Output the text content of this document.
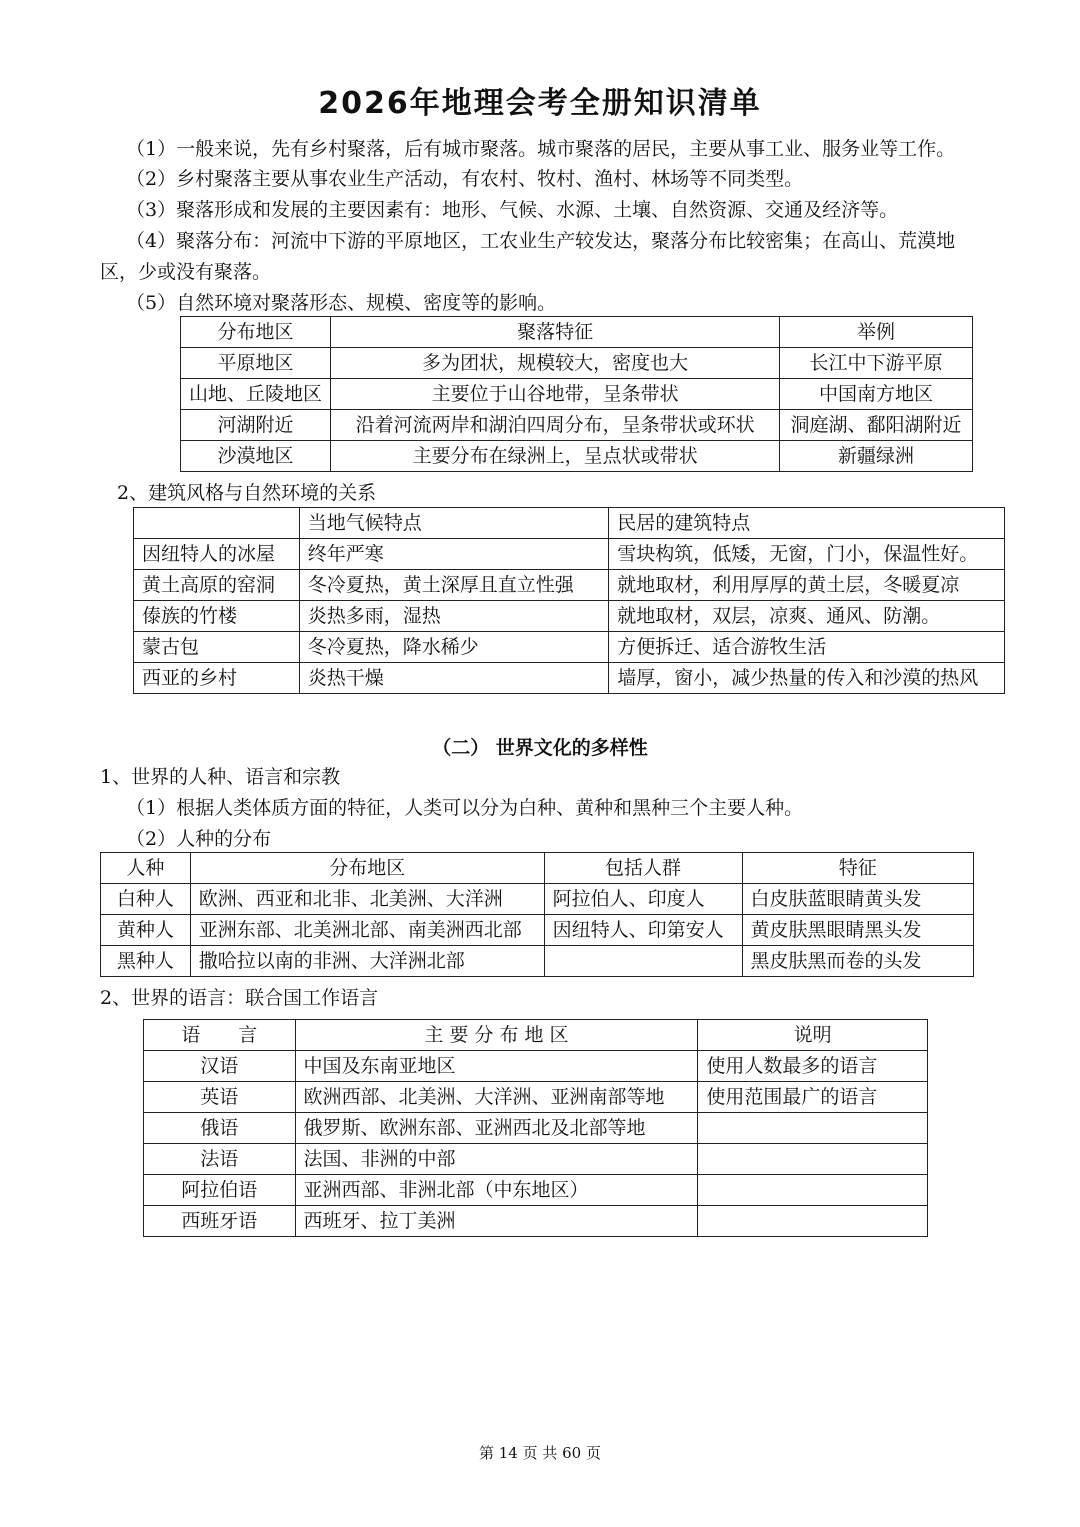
2026年地理会考全册知识清单
（1）一般来说，先有乡村聚落，后有城市聚落。城市聚落的居民，主要从事工业、服务业等工作。
（2）乡村聚落主要从事农业生产活动，有农村、牧村、渔村、林场等不同类型。
（3）聚落形成和发展的主要因素有：地形、气候、水源、土壤、自然资源、交通及经济等。
（4）聚落分布：河流中下游的平原地区，工农业生产较发达，聚落分布比较密集；在高山、荒漠地
区，少或没有聚落。
（5）自然环境对聚落形态、规模、密度等的影响。
分布地区	聚落特征	举例
平原地区	多为团状，规模较大，密度也大	长江中下游平原
山地、丘陵地区	主要位于山谷地带，呈条带状	中国南方地区
河湖附近	沿着河流两岸和湖泊四周分布，呈条带状或环状	洞庭湖、鄱阳湖附近
沙漠地区	主要分布在绿洲上，呈点状或带状	新疆绿洲
2、建筑风格与自然环境的关系
	当地气候特点	民居的建筑特点
因纽特人的冰屋	终年严寒	雪块构筑，低矮，无窗，门小，保温性好。
黄土高原的窑洞	冬冷夏热，黄土深厚且直立性强	就地取材，利用厚厚的黄土层，冬暖夏凉
傣族的竹楼	炎热多雨，湿热	就地取材，双层，凉爽、通风、防潮。
蒙古包	冬冷夏热，降水稀少	方便拆迁、适合游牧生活
西亚的乡村	炎热干燥	墙厚，窗小，减少热量的传入和沙漠的热风
（二） 世界文化的多样性
1、世界的人种、语言和宗教
（1）根据人类体质方面的特征，人类可以分为白种、黄种和黑种三个主要人种。
（2）人种的分布
人种	分布地区	包括人群	特征
白种人	欧洲、西亚和北非、北美洲、大洋洲	阿拉伯人、印度人	白皮肤蓝眼睛黄头发
黄种人	亚洲东部、北美洲北部、南美洲西北部	因纽特人、印第安人	黄皮肤黑眼睛黑头发
黑种人	撒哈拉以南的非洲、大洋洲北部		黑皮肤黑而卷的头发
2、世界的语言：联合国工作语言
语　　言	主 要 分 布 地 区	说明
汉语	中国及东南亚地区	使用人数最多的语言
英语	欧洲西部、北美洲、大洋洲、亚洲南部等地	使用范围最广的语言
俄语	俄罗斯、欧洲东部、亚洲西北及北部等地	
法语	法国、非洲的中部	
阿拉伯语	亚洲西部、非洲北部（中东地区）	
西班牙语	西班牙、拉丁美洲	
第 14 页 共 60 页
